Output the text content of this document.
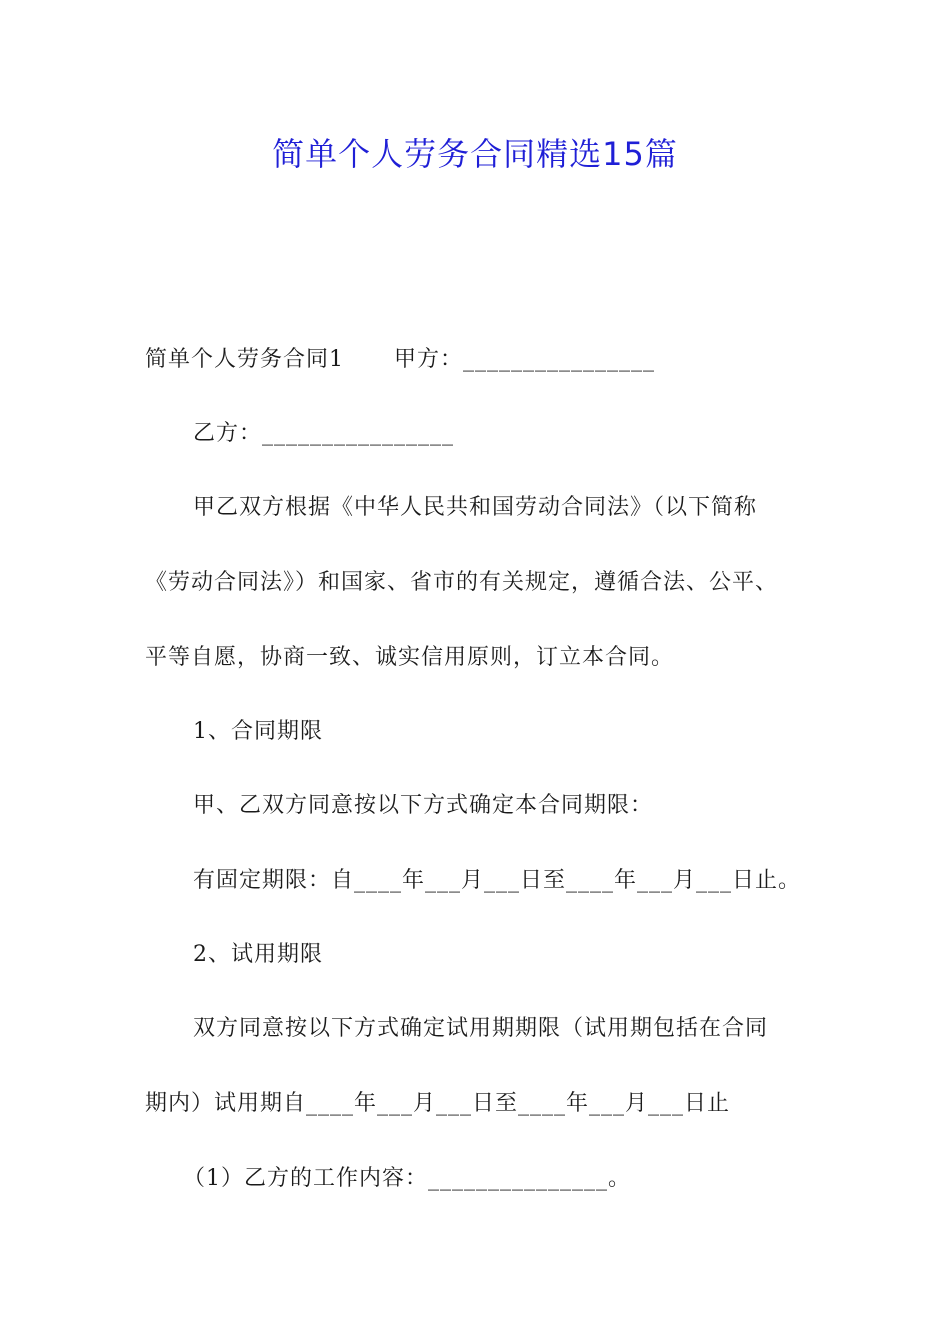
简单个人劳务合同精选15篇
简单个人劳务合同1 甲方：________________
乙方：________________
甲乙双方根据《中华人民共和国劳动合同法》（以下简称
《劳动合同法》）和国家、省市的有关规定，遵循合法、公平、
平等自愿，协商一致、诚实信用原则，订立本合同。
1、合同期限
甲、乙双方同意按以下方式确定本合同期限：
有固定期限：自____年___月___日至____年___月___日止。
2、试用期限
双方同意按以下方式确定试用期期限（试用期包括在合同
期内）试用期自____年___月___日至____年___月___日止
（1）乙方的工作内容：_______________。
